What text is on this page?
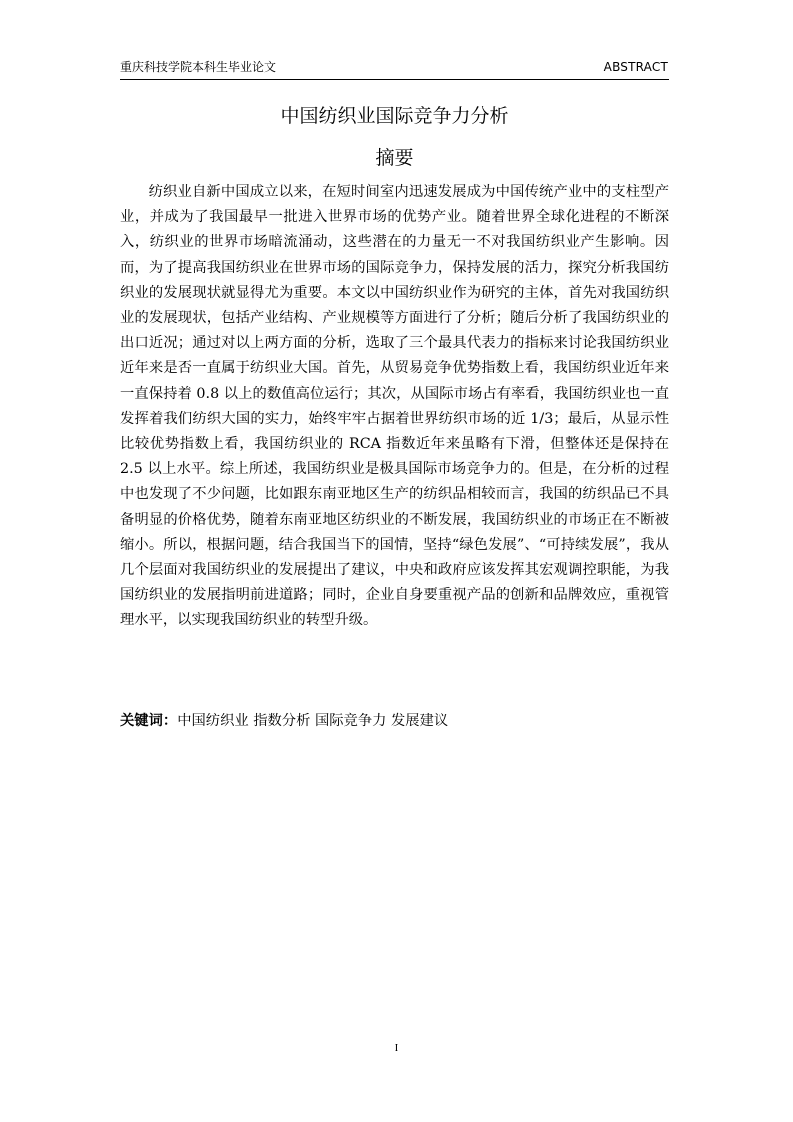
重庆科技学院本科生毕业论文	ABSTRACT
中国纺织业国际竞争力分析
摘要

纺织业自新中国成立以来，在短时间室内迅速发展成为中国传统产业中的支柱型产业，并成为了我国最早一批进入世界市场的优势产业。随着世界全球化进程的不断深入，纺织业的世界市场暗流涌动，这些潜在的力量无一不对我国纺织业产生影响。因而，为了提高我国纺织业在世界市场的国际竞争力，保持发展的活力，探究分析我国纺织业的发展现状就显得尤为重要。本文以中国纺织业作为研究的主体，首先对我国纺织业的发展现状，包括产业结构、产业规模等方面进行了分析；随后分析了我国纺织业的出口近况；通过对以上两方面的分析，选取了三个最具代表力的指标来讨论我国纺织业近年来是否一直属于纺织业大国。首先，从贸易竞争优势指数上看，我国纺织业近年来一直保持着 0.8 以上的数值高位运行；其次，从国际市场占有率看，我国纺织业也一直发挥着我们纺织大国的实力，始终牢牢占据着世界纺织市场的近 1/3；最后，从显示性比较优势指数上看，我国纺织业的 RCA 指数近年来虽略有下滑，但整体还是保持在 2.5 以上水平。综上所述，我国纺织业是极具国际市场竞争力的。但是，在分析的过程中也发现了不少问题，比如跟东南亚地区生产的纺织品相较而言，我国的纺织品已不具备明显的价格优势，随着东南亚地区纺织业的不断发展，我国纺织业的市场正在不断被缩小。所以，根据问题，结合我国当下的国情，坚持“绿色发展”、“可持续发展”，我从几个层面对我国纺织业的发展提出了建议，中央和政府应该发挥其宏观调控职能，为我国纺织业的发展指明前进道路；同时，企业自身要重视产品的创新和品牌效应，重视管理水平，以实现我国纺织业的转型升级。

关键词：中国纺织业 指数分析 国际竞争力 发展建议
I
